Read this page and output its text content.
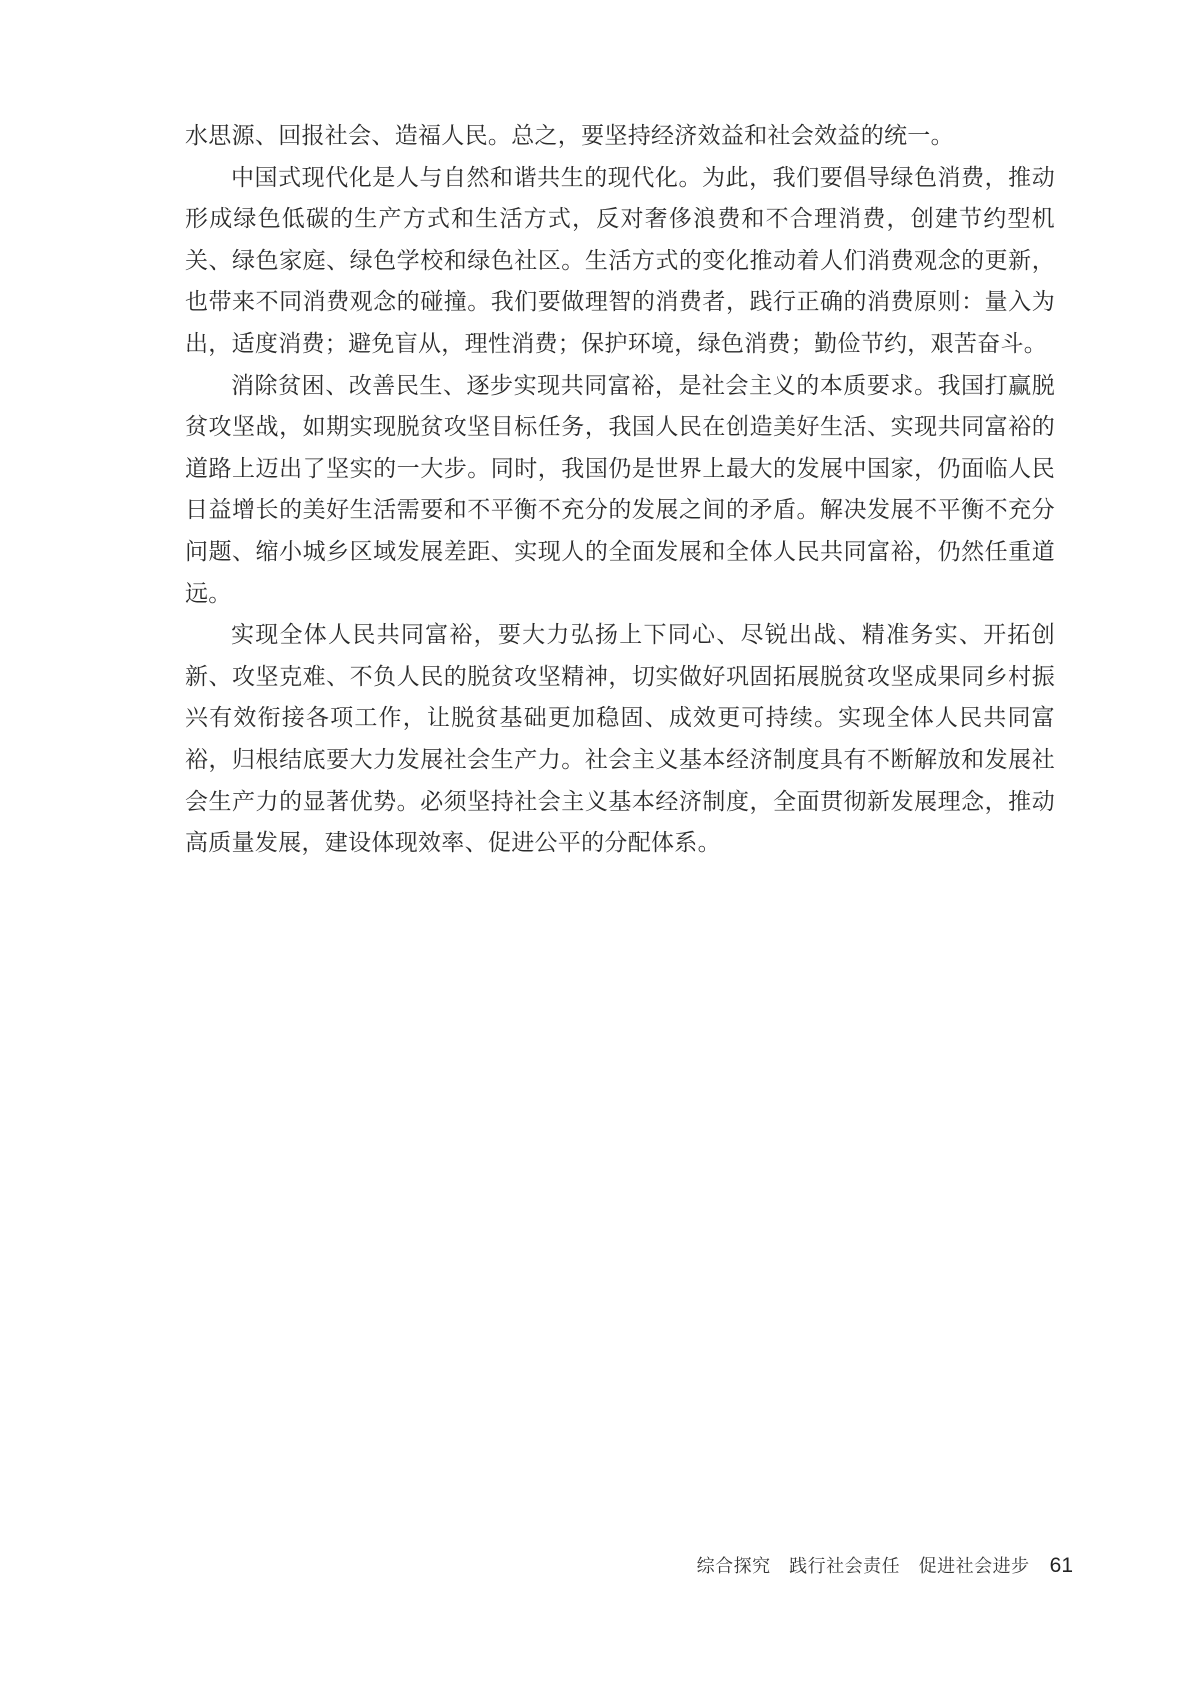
水思源、回报社会、造福人民。总之，要坚持经济效益和社会效益的统一。

中国式现代化是人与自然和谐共生的现代化。为此，我们要倡导绿色消费，推动形成绿色低碳的生产方式和生活方式，反对奢侈浪费和不合理消费，创建节约型机关、绿色家庭、绿色学校和绿色社区。生活方式的变化推动着人们消费观念的更新，也带来不同消费观念的碰撞。我们要做理智的消费者，践行正确的消费原则：量入为出，适度消费；避免盲从，理性消费；保护环境，绿色消费；勤俭节约，艰苦奋斗。

消除贫困、改善民生、逐步实现共同富裕，是社会主义的本质要求。我国打赢脱贫攻坚战，如期实现脱贫攻坚目标任务，我国人民在创造美好生活、实现共同富裕的道路上迈出了坚实的一大步。同时，我国仍是世界上最大的发展中国家，仍面临人民日益增长的美好生活需要和不平衡不充分的发展之间的矛盾。解决发展不平衡不充分问题、缩小城乡区域发展差距、实现人的全面发展和全体人民共同富裕，仍然任重道远。

实现全体人民共同富裕，要大力弘扬上下同心、尽锐出战、精准务实、开拓创新、攻坚克难、不负人民的脱贫攻坚精神，切实做好巩固拓展脱贫攻坚成果同乡村振兴有效衔接各项工作，让脱贫基础更加稳固、成效更可持续。实现全体人民共同富裕，归根结底要大力发展社会生产力。社会主义基本经济制度具有不断解放和发展社会生产力的显著优势。必须坚持社会主义基本经济制度，全面贯彻新发展理念，推动高质量发展，建设体现效率、促进公平的分配体系。

综合探究　践行社会责任　促进社会进步 61
